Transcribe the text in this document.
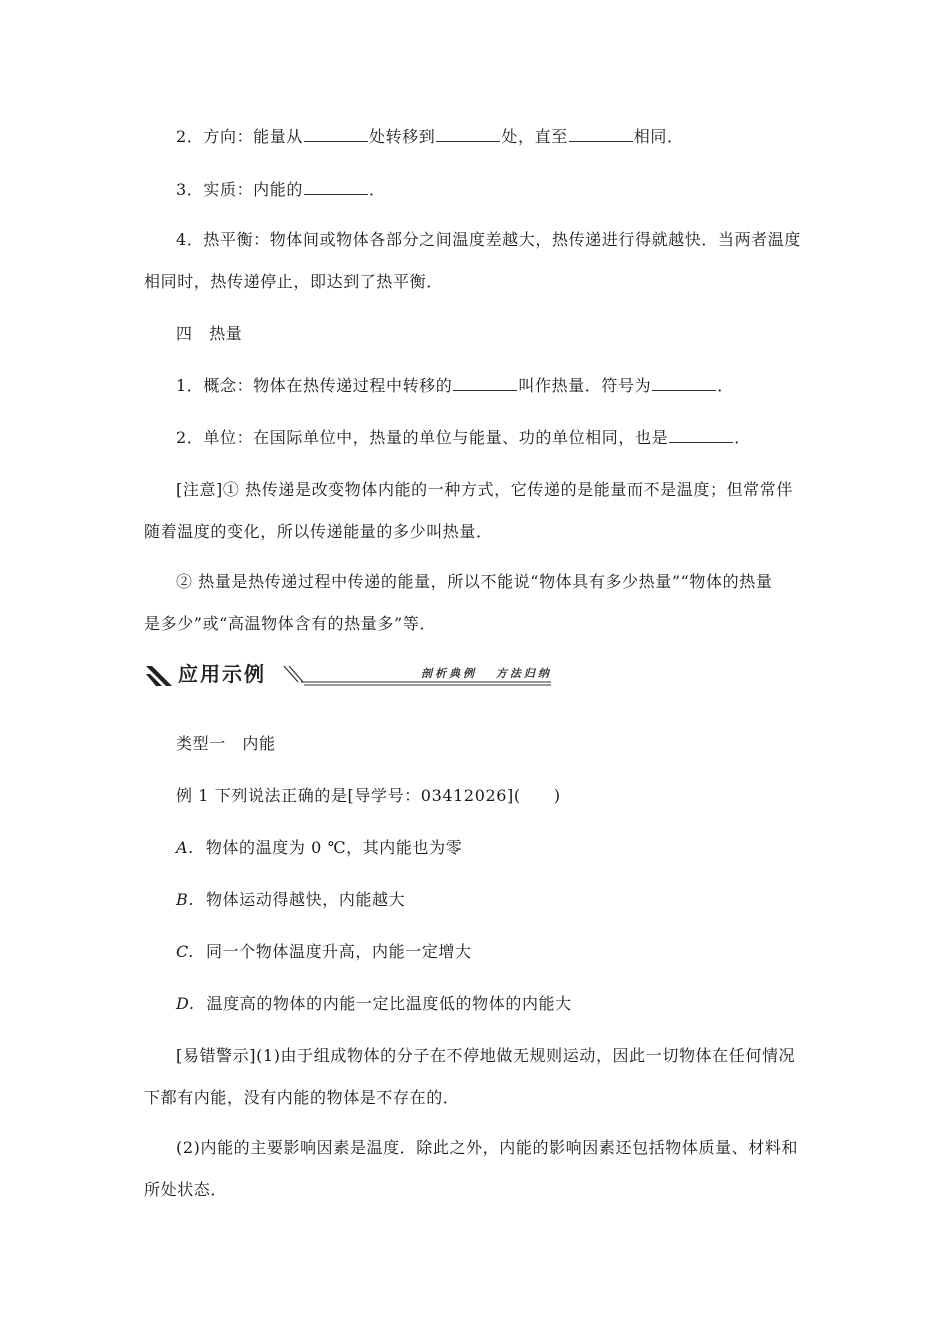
2．方向：能量从	处转移到	处，直至	相同．
3．实质：内能的	．
4．热平衡：物体间或物体各部分之间温度差越大，热传递进行得就越快．当两者温度
相同时，热传递停止，即达到了热平衡．
四　热量
1．概念：物体在热传递过程中转移的	叫作热量．符号为	．
2．单位：在国际单位中，热量的单位与能量、功的单位相同，也是	．
[注意]① 热传递是改变物体内能的一种方式，它传递的是能量而不是温度；但常常伴
随着温度的变化，所以传递能量的多少叫热量．
② 热量是热传递过程中传递的能量，所以不能说“物体具有多少热量”“物体的热量
是多少”或“高温物体含有的热量多”等．
应用示例	剖析典例 方法归纳
类型一　内能
例 1 下列说法正确的是[导学号：03412026](　　)
A. 物体的温度为 0 ℃，其内能也为零
B. 物体运动得越快，内能越大
C. 同一个物体温度升高，内能一定增大
D. 温度高的物体的内能一定比温度低的物体的内能大
[易错警示](1)由于组成物体的分子在不停地做无规则运动，因此一切物体在任何情况
下都有内能，没有内能的物体是不存在的．
(2)内能的主要影响因素是温度．除此之外，内能的影响因素还包括物体质量、材料和
所处状态．
